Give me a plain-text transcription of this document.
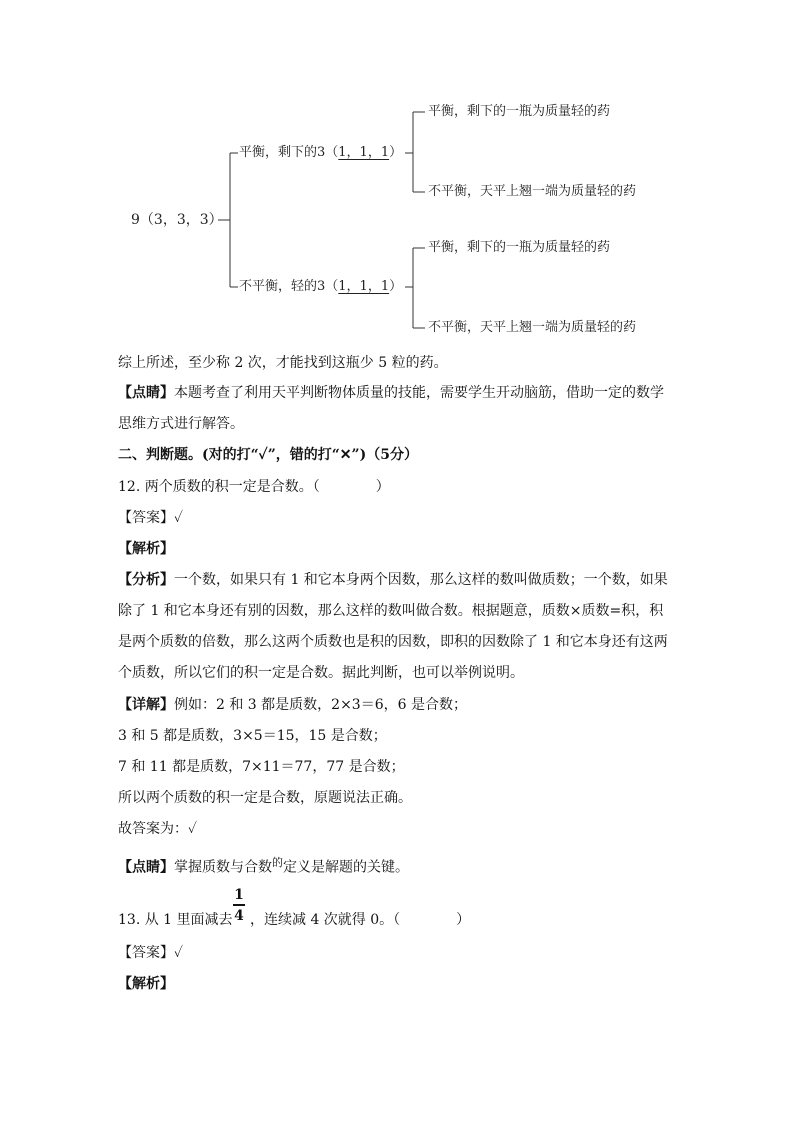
9（3，3，3）
平衡，剩下的3（1，1，1）
不平衡，轻的3（1，1，1）
平衡，剩下的一瓶为质量轻的药
不平衡，天平上翘一端为质量轻的药
平衡，剩下的一瓶为质量轻的药
不平衡，天平上翘一端为质量轻的药
综上所述，至少称 2 次，才能找到这瓶少 5 粒的药。
【点睛】本题考查了利用天平判断物体质量的技能，需要学生开动脑筋，借助一定的数学
思维方式进行解答。
二、判断题。(对的打“✓”，错的打“✕”)（5分）
12. 两个质数的积一定是合数。（　　　　）
【答案】✓
【解析】
【分析】一个数，如果只有 1 和它本身两个因数，那么这样的数叫做质数；一个数，如果
除了 1 和它本身还有别的因数，那么这样的数叫做合数。根据题意，质数×质数=积，积
是两个质数的倍数，那么这两个质数也是积的因数，即积的因数除了 1 和它本身还有这两
个质数，所以它们的积一定是合数。据此判断，也可以举例说明。
【详解】例如：2 和 3 都是质数，2×3＝6，6 是合数；
3 和 5 都是质数，3×5＝15，15 是合数；
7 和 11 都是质数，7×11＝77，77 是合数；
所以两个质数的积一定是合数，原题说法正确。
故答案为：✓
【点睛】掌握质数与合数$^的$定义是解题的关键。
13. 从 1 里面减去
1
4 ，连续减 4 次就得 0。（　　　　）
【答案】✓
【解析】
